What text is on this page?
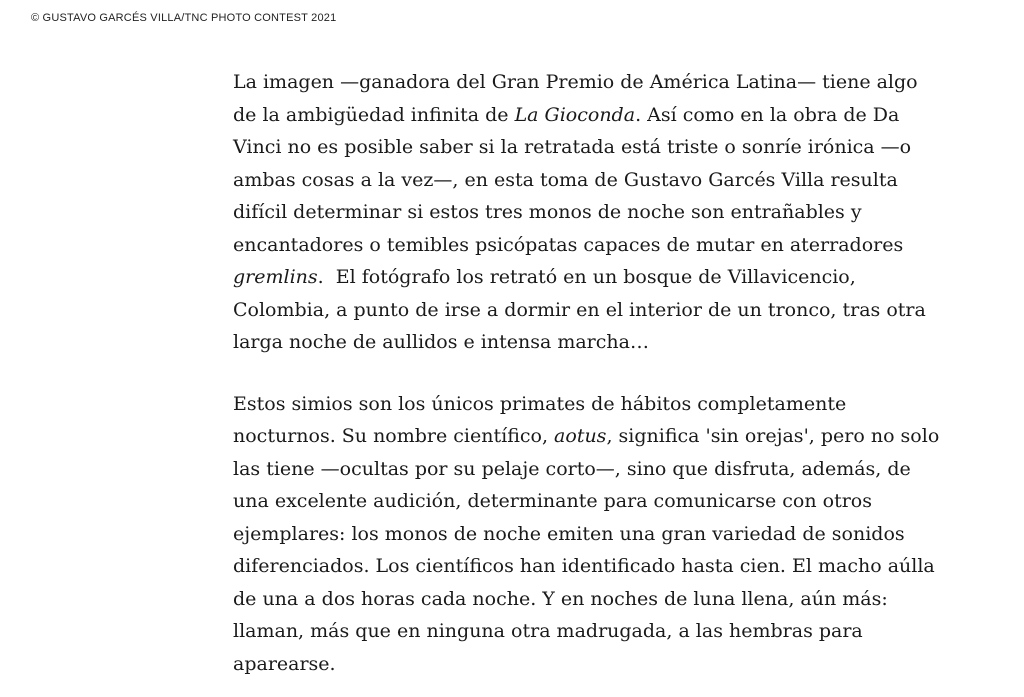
© GUSTAVO GARCÉS VILLA/TNC PHOTO CONTEST 2021

La imagen —ganadora del Gran Premio de América Latina— tiene algo
de la ambigüedad infinita de La Gioconda. Así como en la obra de Da
Vinci no es posible saber si la retratada está triste o sonríe irónica —o
ambas cosas a la vez—, en esta toma de Gustavo Garcés Villa resulta
difícil determinar si estos tres monos de noche son entrañables y
encantadores o temibles psicópatas capaces de mutar en aterradores
gremlins.  El fotógrafo los retrató en un bosque de Villavicencio,
Colombia, a punto de irse a dormir en el interior de un tronco, tras otra
larga noche de aullidos e intensa marcha…

Estos simios son los únicos primates de hábitos completamente
nocturnos. Su nombre científico, aotus, significa 'sin orejas', pero no solo
las tiene —ocultas por su pelaje corto—, sino que disfruta, además, de
una excelente audición, determinante para comunicarse con otros
ejemplares: los monos de noche emiten una gran variedad de sonidos
diferenciados. Los científicos han identificado hasta cien. El macho aúlla
de una a dos horas cada noche. Y en noches de luna llena, aún más:
llaman, más que en ninguna otra madrugada, a las hembras para
aparearse.
